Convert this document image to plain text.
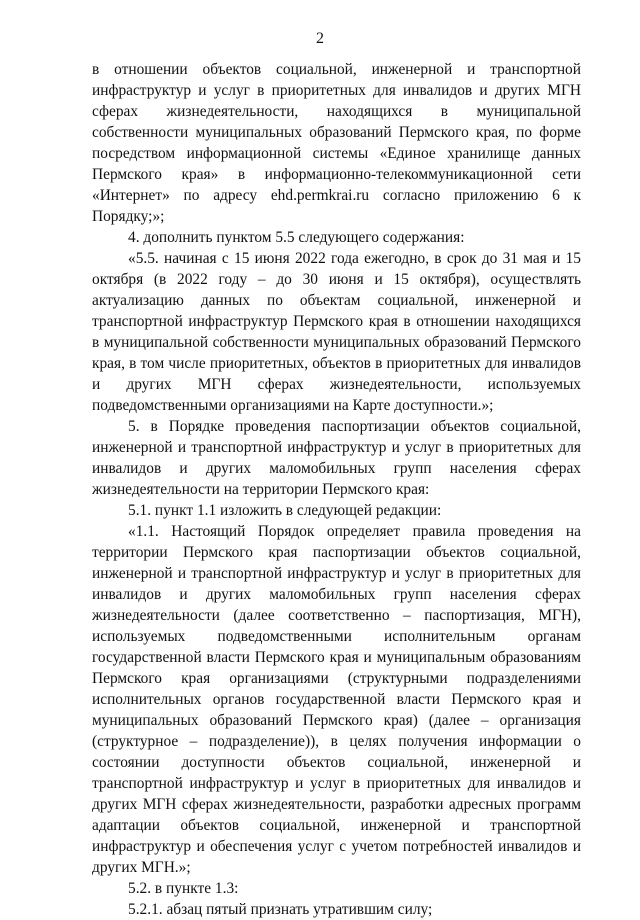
2

в отношении объектов социальной, инженерной и транспортной инфраструктур и услуг в приоритетных для инвалидов и других МГН сферах жизнедеятельности, находящихся в муниципальной собственности муниципальных образований Пермского края, по форме посредством информационной системы «Единое хранилище данных Пермского края» в информационно-телекоммуникационной сети «Интернет» по адресу ehd.permkrai.ru согласно приложению 6 к Порядку;»;

4. дополнить пунктом 5.5 следующего содержания:

«5.5. начиная с 15 июня 2022 года ежегодно, в срок до 31 мая и 15 октября (в 2022 году – до 30 июня и 15 октября), осуществлять актуализацию данных по объектам социальной, инженерной и транспортной инфраструктур Пермского края в отношении находящихся в муниципальной собственности муниципальных образований Пермского края, в том числе приоритетных, объектов в приоритетных для инвалидов и других МГН сферах жизнедеятельности, используемых подведомственными организациями на Карте доступности.»;

5. в Порядке проведения паспортизации объектов социальной, инженерной и транспортной инфраструктур и услуг в приоритетных для инвалидов и других маломобильных групп населения сферах жизнедеятельности на территории Пермского края:

5.1. пункт 1.1 изложить в следующей редакции:

«1.1. Настоящий Порядок определяет правила проведения на территории Пермского края паспортизации объектов социальной, инженерной и транспортной инфраструктур и услуг в приоритетных для инвалидов и других маломобильных групп населения сферах жизнедеятельности (далее соответственно – паспортизация, МГН), используемых подведомственными исполнительным органам государственной власти Пермского края и муниципальным образованиям Пермского края организациями (структурными подразделениями исполнительных органов государственной власти Пермского края и муниципальных образований Пермского края) (далее – организация (структурное – подразделение)), в целях получения информации о состоянии доступности объектов социальной, инженерной и транспортной инфраструктур и услуг в приоритетных для инвалидов и других МГН сферах жизнедеятельности, разработки адресных программ адаптации объектов социальной, инженерной и транспортной инфраструктур и обеспечения услуг с учетом потребностей инвалидов и других МГН.»;

5.2. в пункте 1.3:

5.2.1. абзац пятый признать утратившим силу;
